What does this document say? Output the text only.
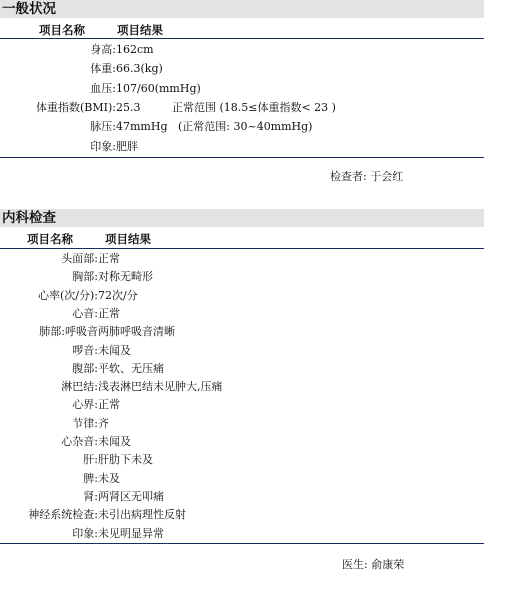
一般状况
项目名称	项目结果
身高: 162cm
体重: 66.3(kg)
血压: 107/60(mmHg)
体重指数(BMI): 25.3         正常范围 (18.5≤体重指数< 23 )
脉压: 47mmHg   (正常范围: 30~40mmHg)
印象: 肥胖
检查者: 于会红
内科检查
项目名称	项目结果
头面部: 正常
胸部: 对称无畸形
心率(次/分): 72次/分
心音: 正常
肺部:呼吸音 两肺呼吸音清晰
啰音: 未闻及
腹部: 平软、无压痛
淋巴结: 浅表淋巴结未见肿大,压痛
心界: 正常
节律: 齐
心杂音: 未闻及
肝: 肝肋下未及
脾: 未及
肾: 两肾区无叩痛
神经系统检查: 未引出病理性反射
印象: 未见明显异常
医生: 俞康荣
